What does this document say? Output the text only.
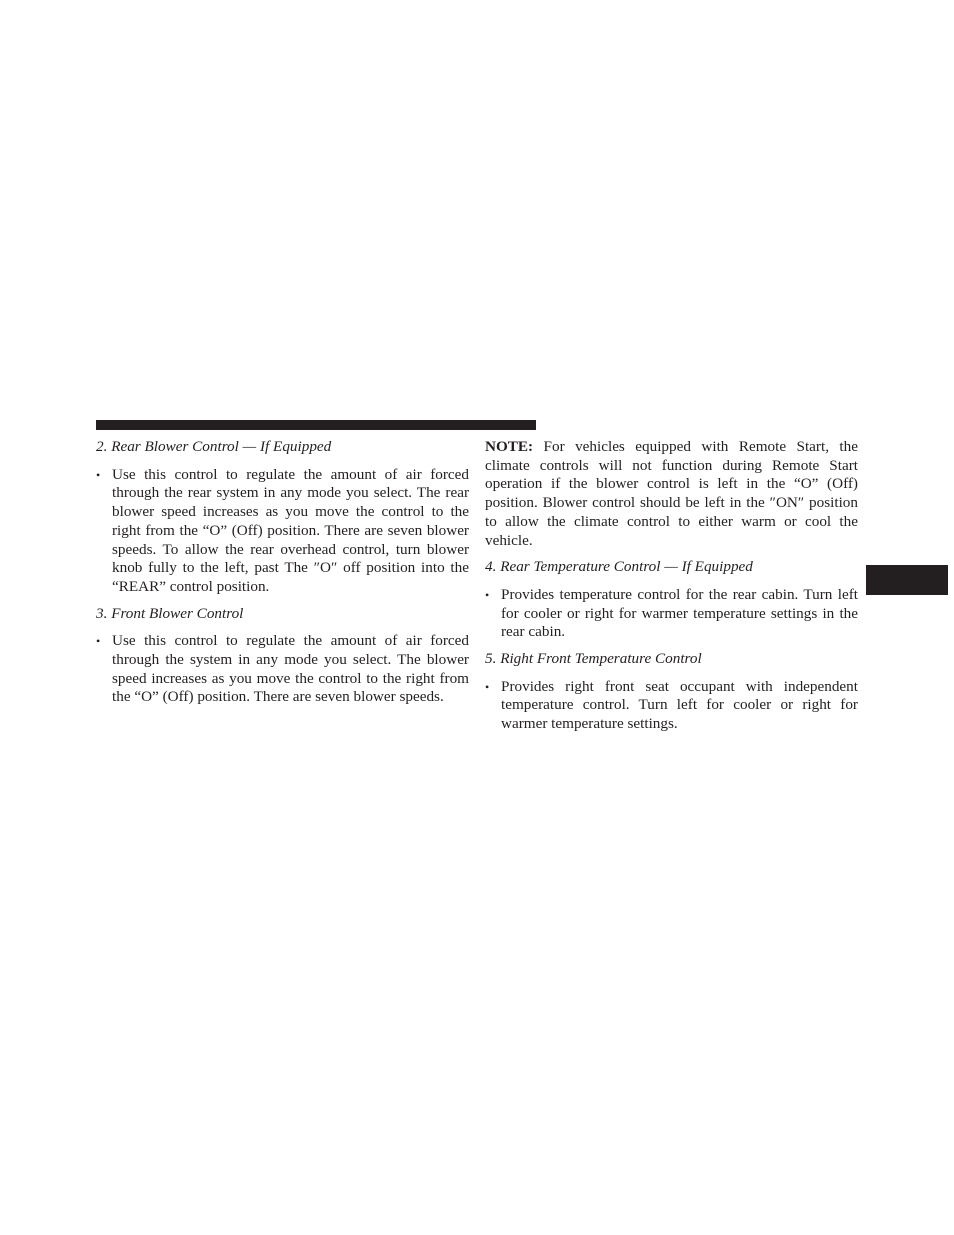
2. Rear Blower Control — If Equipped
• Use this control to regulate the amount of air forced through the rear system in any mode you select. The rear blower speed increases as you move the control to the right from the “O” (Off) position. There are seven blower speeds. To allow the rear overhead control, turn blower knob fully to the left, past The ″O″ off position into the “REAR” control position.
3. Front Blower Control
• Use this control to regulate the amount of air forced through the system in any mode you select. The blower speed increases as you move the control to the right from the “O” (Off) position. There are seven blower speeds.
NOTE: For vehicles equipped with Remote Start, the climate controls will not function during Remote Start operation if the blower control is left in the “O” (Off) position. Blower control should be left in the ″ON″ position to allow the climate control to either warm or cool the vehicle.
4. Rear Temperature Control — If Equipped
• Provides temperature control for the rear cabin. Turn left for cooler or right for warmer temperature settings in the rear cabin.
5. Right Front Temperature Control
• Provides right front seat occupant with independent temperature control. Turn left for cooler or right for warmer temperature settings.
